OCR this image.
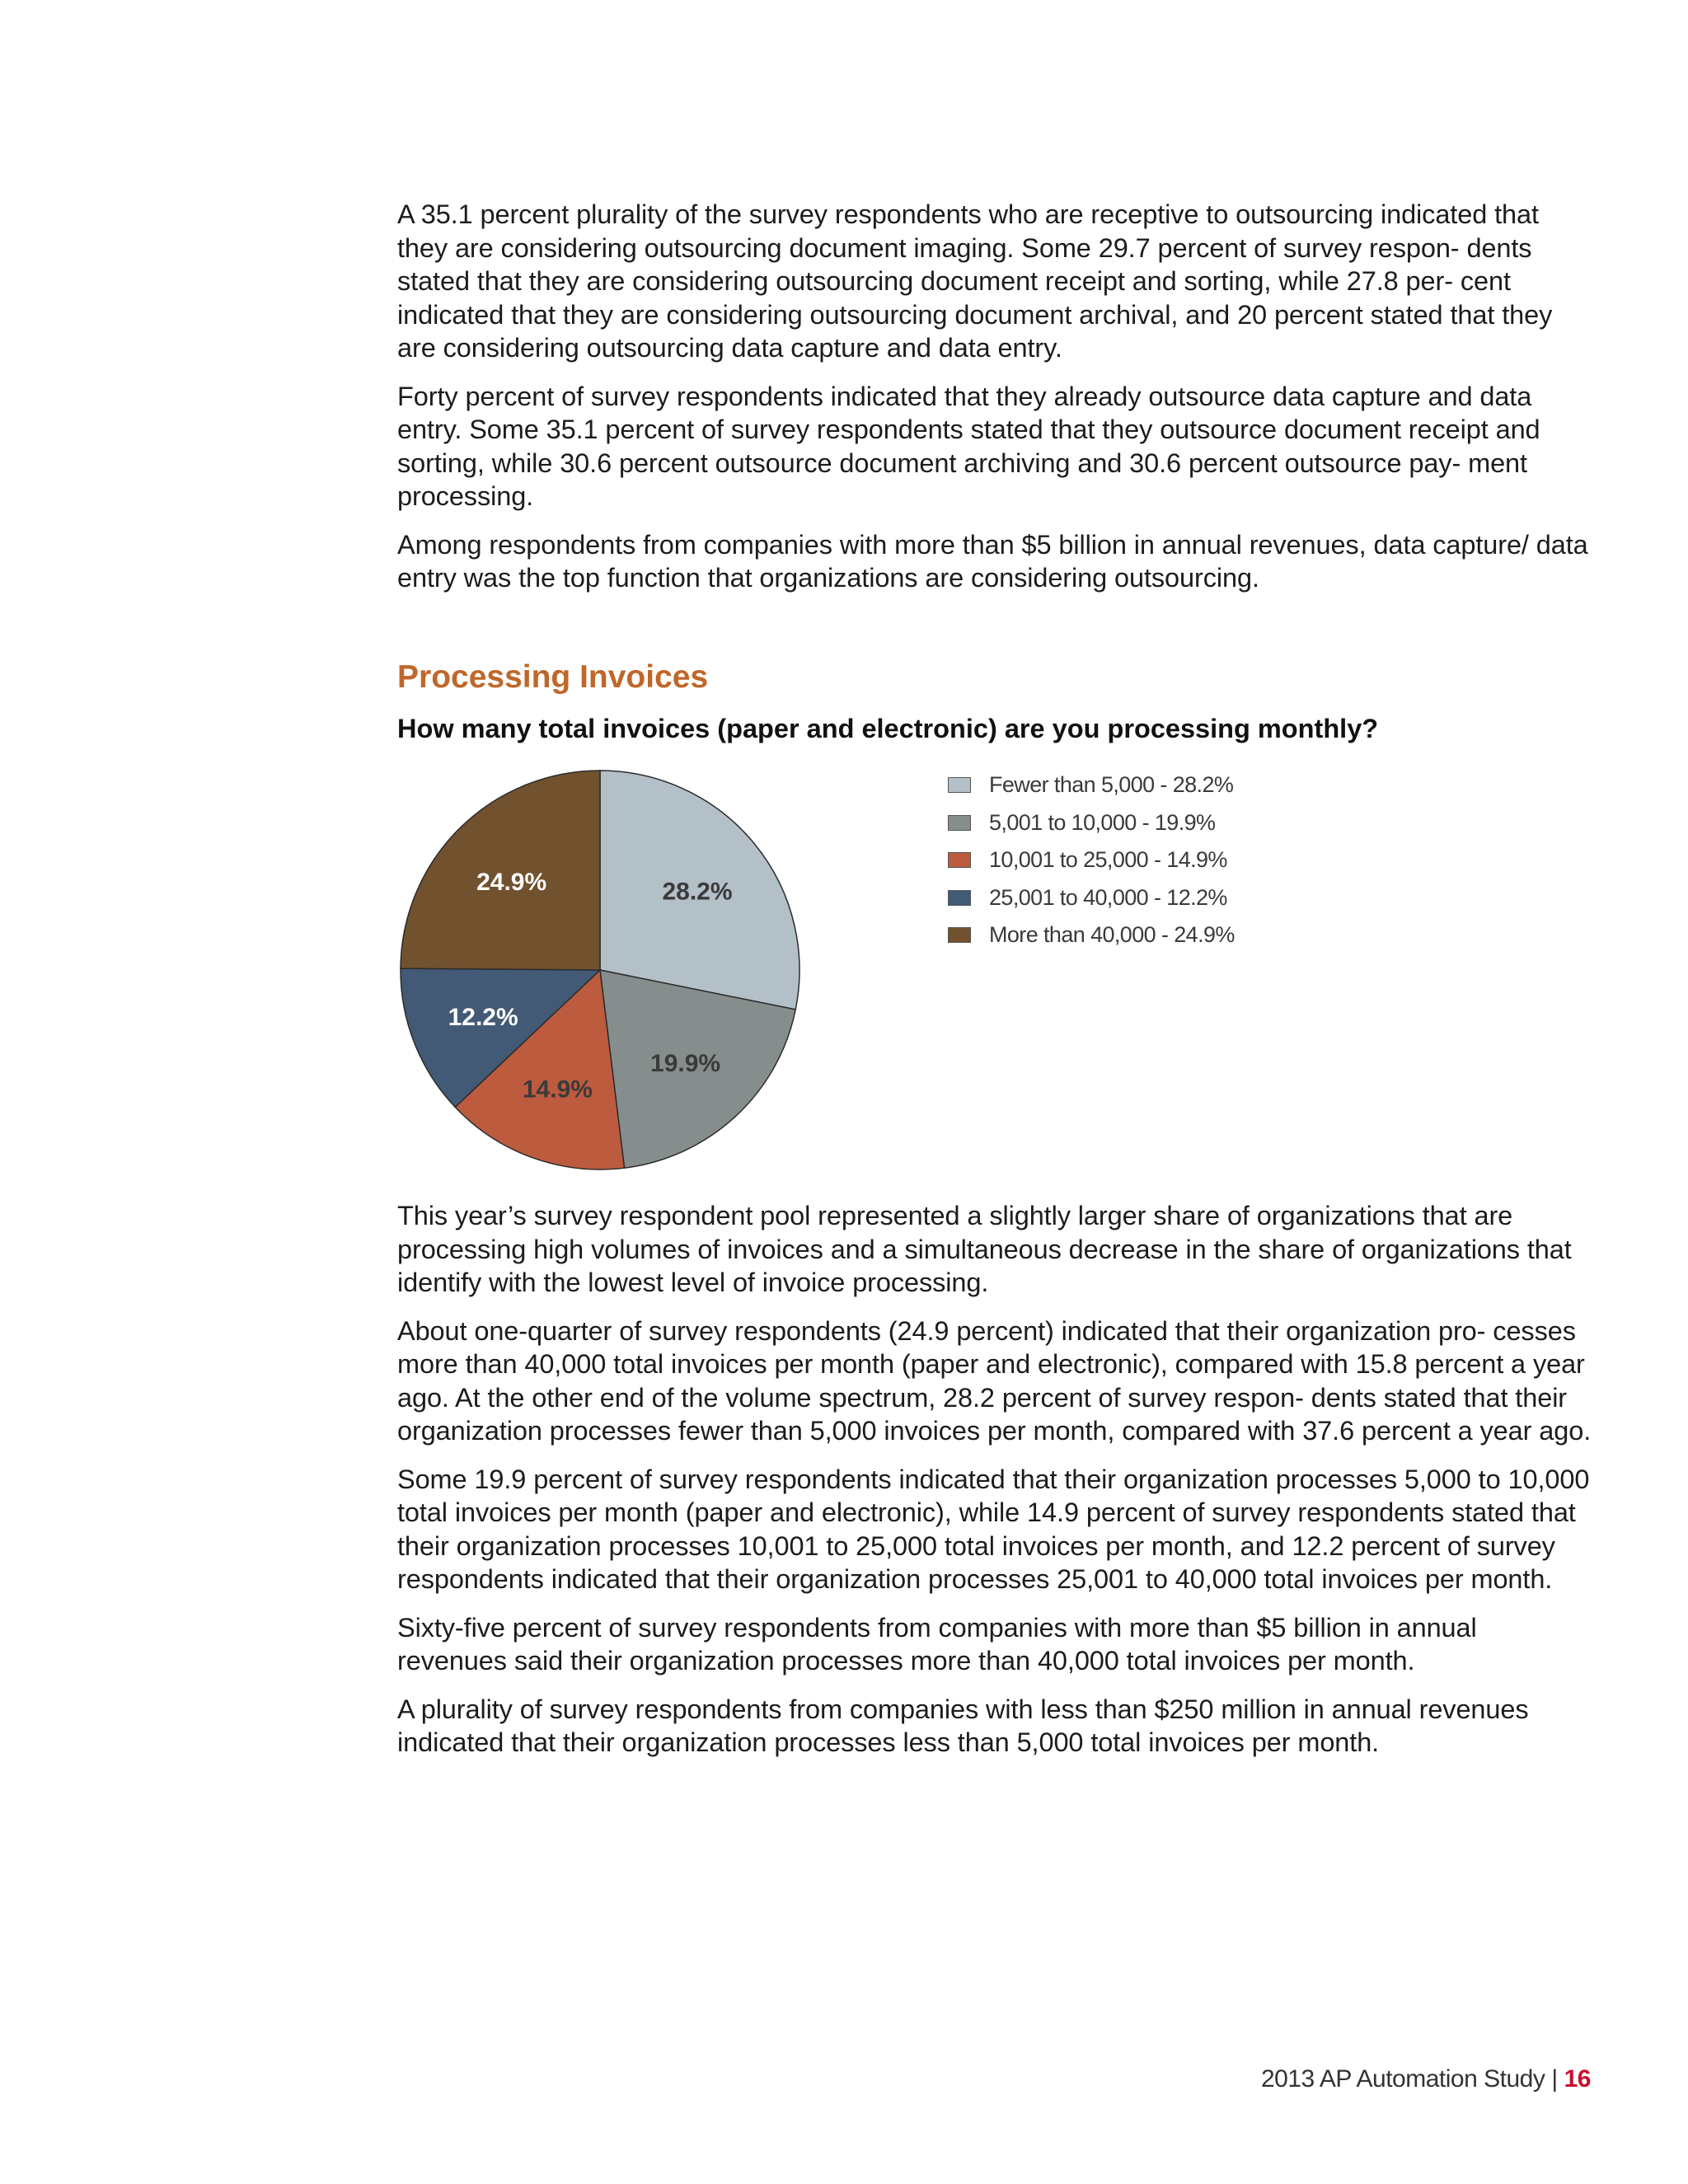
A 35.1 percent plurality of the survey respondents who are receptive to outsourcing indicated that they are considering outsourcing document imaging. Some 29.7 percent of survey respon- dents stated that they are considering outsourcing document receipt and sorting, while 27.8 per- cent indicated that they are considering outsourcing document archival, and 20 percent stated that they are considering outsourcing data capture and data entry.

Forty percent of survey respondents indicated that they already outsource data capture and data entry. Some 35.1 percent of survey respondents stated that they outsource document receipt and sorting, while 30.6 percent outsource document archiving and 30.6 percent outsource pay- ment processing.

Among respondents from companies with more than $5 billion in annual revenues, data capture/ data entry was the top function that organizations are considering outsourcing.

Processing Invoices

How many total invoices (paper and electronic) are you processing monthly?

28.2%
19.9%
14.9%
12.2%
24.9%
Fewer than 5,000 - 28.2%
5,001 to 10,000 - 19.9%
10,001 to 25,000 - 14.9%
25,001 to 40,000 - 12.2%
More than 40,000 - 24.9%

This year’s survey respondent pool represented a slightly larger share of organizations that are processing high volumes of invoices and a simultaneous decrease in the share of organizations that identify with the lowest level of invoice processing.

About one-quarter of survey respondents (24.9 percent) indicated that their organization pro- cesses more than 40,000 total invoices per month (paper and electronic), compared with 15.8 percent a year ago. At the other end of the volume spectrum, 28.2 percent of survey respon- dents stated that their organization processes fewer than 5,000 invoices per month, compared with 37.6 percent a year ago.

Some 19.9 percent of survey respondents indicated that their organization processes 5,000 to 10,000 total invoices per month (paper and electronic), while 14.9 percent of survey respondents stated that their organization processes 10,001 to 25,000 total invoices per month, and 12.2 percent of survey respondents indicated that their organization processes 25,001 to 40,000 total invoices per month.

Sixty-five percent of survey respondents from companies with more than $5 billion in annual revenues said their organization processes more than 40,000 total invoices per month.

A plurality of survey respondents from companies with less than $250 million in annual revenues indicated that their organization processes less than 5,000 total invoices per month.

2013 AP Automation Study | 16
